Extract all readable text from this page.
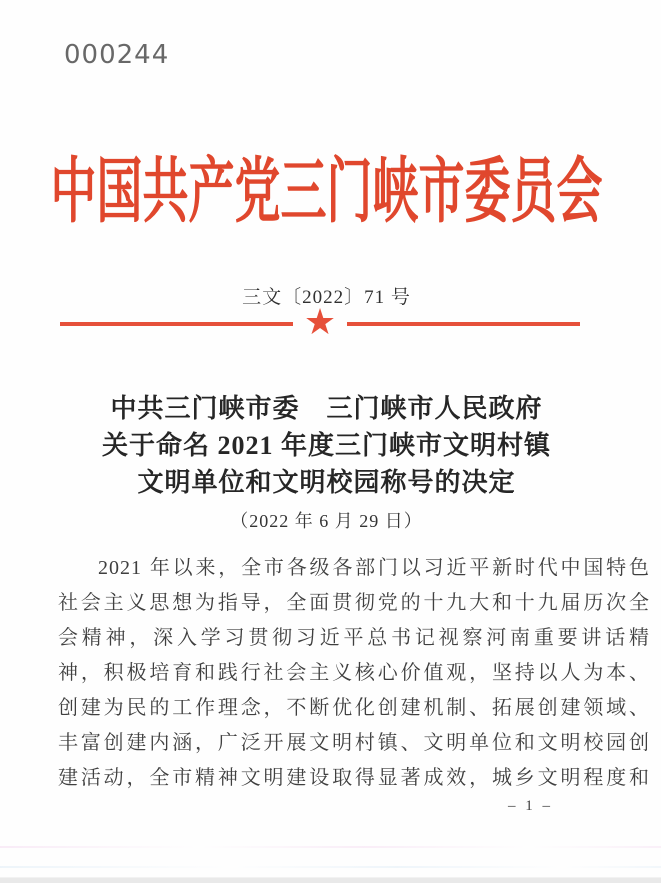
000244
中国共产党三门峡市委员会
三文〔2022〕71 号
★
中共三门峡市委　三门峡市人民政府
关于命名 2021 年度三门峡市文明村镇
文明单位和文明校园称号的决定
（2022 年 6 月 29 日）
2021 年以来，全市各级各部门以习近平新时代中国特色
社会主义思想为指导，全面贯彻党的十九大和十九届历次全
会精神，深入学习贯彻习近平总书记视察河南重要讲话精
神，积极培育和践行社会主义核心价值观，坚持以人为本、
创建为民的工作理念，不断优化创建机制、拓展创建领域、
丰富创建内涵，广泛开展文明村镇、文明单位和文明校园创
建活动，全市精神文明建设取得显著成效，城乡文明程度和
– 1 –
